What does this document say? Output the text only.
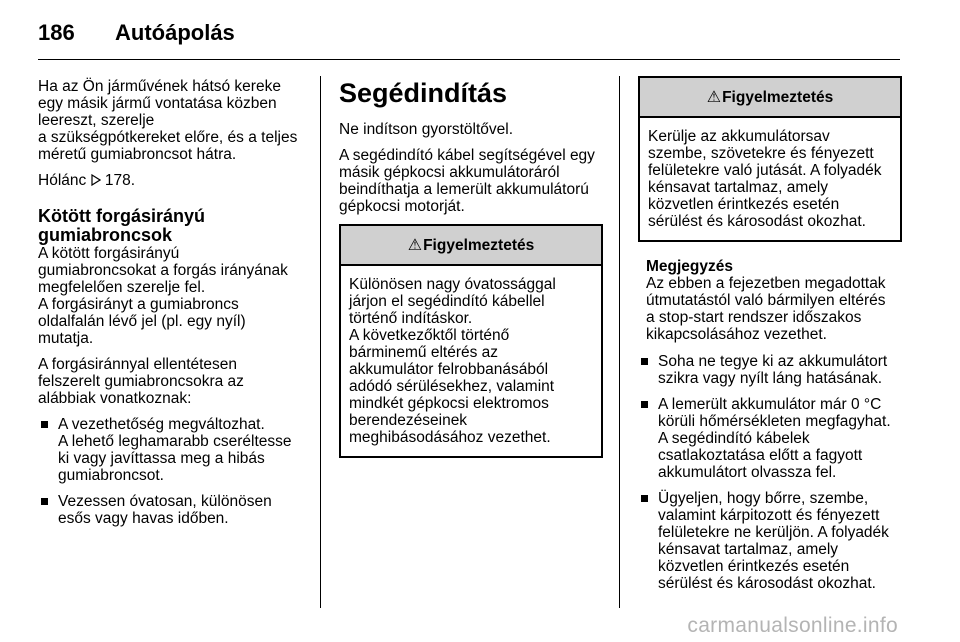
186 Autóápolás

Ha az Ön járművének hátsó kereke
egy másik jármű vontatása közben
leereszt, szerelje
a szükségpótkereket előre, és a teljes
méretű gumiabroncsot hátra.

Hólánc 178.

Kötött forgásirányú
gumiabroncsok

A kötött forgásirányú
gumiabroncsokat a forgás irányának
megfelelően szerelje fel.
A forgásirányt a gumiabroncs
oldalfalán lévő jel (pl. egy nyíl)
mutatja.

A forgásiránnyal ellentétesen
felszerelt gumiabroncsokra az
alábbiak vonatkoznak:

A vezethetőség megváltozhat.
A lehető leghamarabb cseréltesse
ki vagy javíttassa meg a hibás
gumiabroncsot.
Vezessen óvatosan, különösen
esős vagy havas időben.
Segédindítás

Ne indítson gyorstöltővel.

A segédindító kábel segítségével egy
másik gépkocsi akkumulátoráról
beindíthatja a lemerült akkumulátorú
gépkocsi motorját.

⚠ Figyelmeztetés
Különösen nagy óvatossággal
járjon el segédindító kábellel
történő indításkor.
A következőktől történő
bárminemű eltérés az
akkumulátor felrobbanásából
adódó sérülésekhez, valamint
mindkét gépkocsi elektromos
berendezéseinek
meghibásodásához vezethet.
⚠ Figyelmeztetés
Kerülje az akkumulátorsav
szembe, szövetekre és fényezett
felületekre való jutását. A folyadék
kénsavat tartalmaz, amely
közvetlen érintkezés esetén
sérülést és károsodást okozhat.
Megjegyzés
Az ebben a fejezetben megadottak
útmutatástól való bármilyen eltérés
a stop-start rendszer időszakos
kikapcsolásához vezethet.
Soha ne tegye ki az akkumulátort
szikra vagy nyílt láng hatásának.
A lemerült akkumulátor már 0 °C
körüli hőmérsékleten megfagyhat.
A segédindító kábelek
csatlakoztatása előtt a fagyott
akkumulátort olvassza fel.
Ügyeljen, hogy bőrre, szembe,
valamint kárpitozott és fényezett
felületekre ne kerüljön. A folyadék
kénsavat tartalmaz, amely
közvetlen érintkezés esetén
sérülést és károsodást okozhat.
carmanualsonline.info
